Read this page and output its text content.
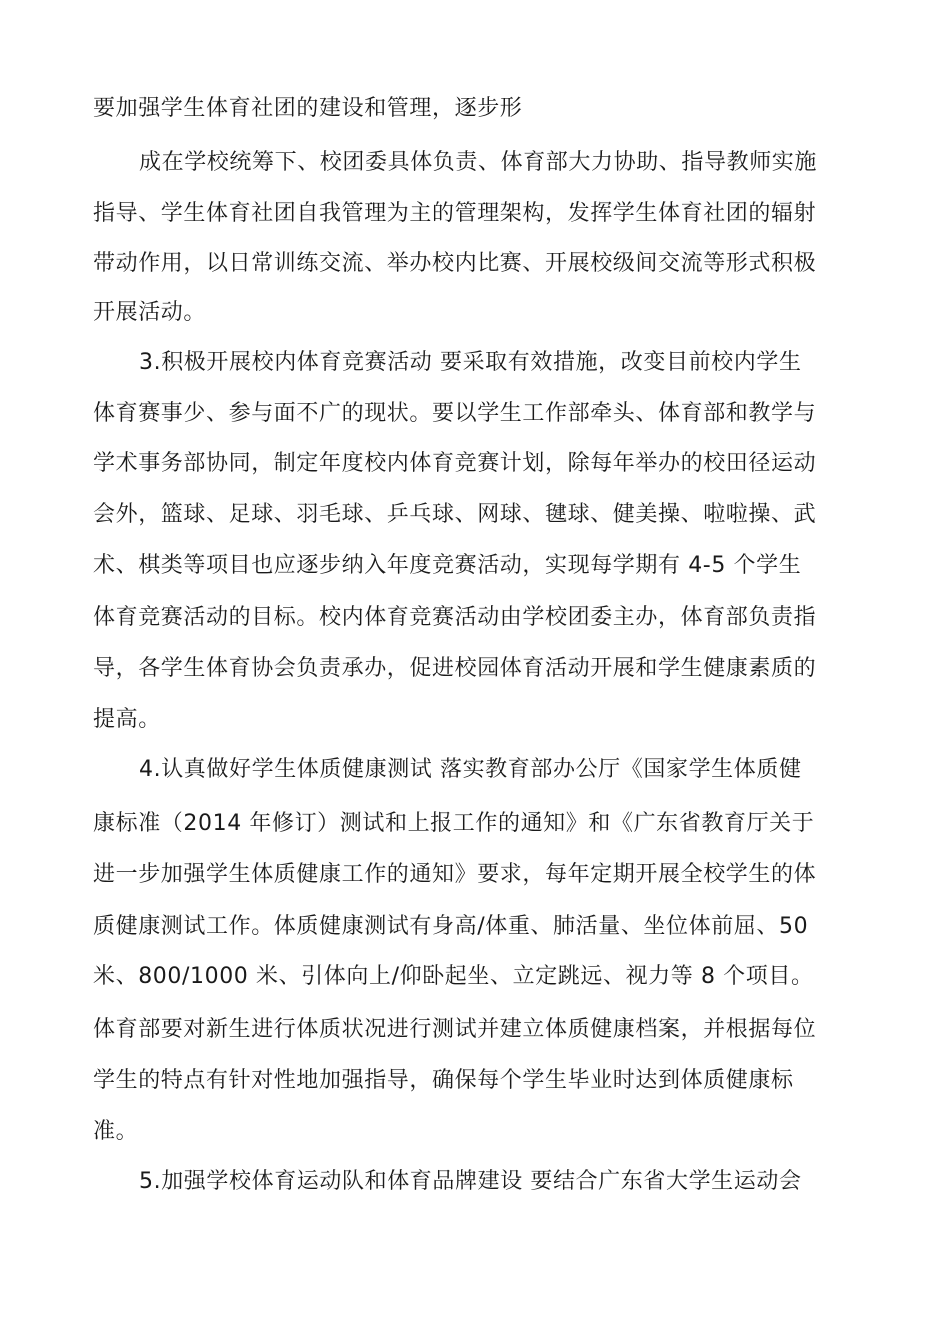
要加强学生体育社团的建设和管理，逐步形
成在学校统筹下、校团委具体负责、体育部大力协助、指导教师实施
指导、学生体育社团自我管理为主的管理架构，发挥学生体育社团的辐射
带动作用，以日常训练交流、举办校内比赛、开展校级间交流等形式积极
开展活动。
3.积极开展校内体育竞赛活动 要采取有效措施，改变目前校内学生
体育赛事少、参与面不广的现状。要以学生工作部牵头、体育部和教学与
学术事务部协同，制定年度校内体育竞赛计划，除每年举办的校田径运动
会外，篮球、足球、羽毛球、乒乓球、网球、毽球、健美操、啦啦操、武
术、棋类等项目也应逐步纳入年度竞赛活动，实现每学期有 4-5 个学生
体育竞赛活动的目标。校内体育竞赛活动由学校团委主办，体育部负责指
导，各学生体育协会负责承办，促进校园体育活动开展和学生健康素质的
提高。
4.认真做好学生体质健康测试 落实教育部办公厅《国家学生体质健
康标准（2014 年修订）测试和上报工作的通知》和《广东省教育厅关于
进一步加强学生体质健康工作的通知》要求，每年定期开展全校学生的体
质健康测试工作。体质健康测试有身高/体重、肺活量、坐位体前屈、50
米、800/1000 米、引体向上/仰卧起坐、立定跳远、视力等 8 个项目。
体育部要对新生进行体质状况进行测试并建立体质健康档案，并根据每位
学生的特点有针对性地加强指导，确保每个学生毕业时达到体质健康标
准。
5.加强学校体育运动队和体育品牌建设 要结合广东省大学生运动会
